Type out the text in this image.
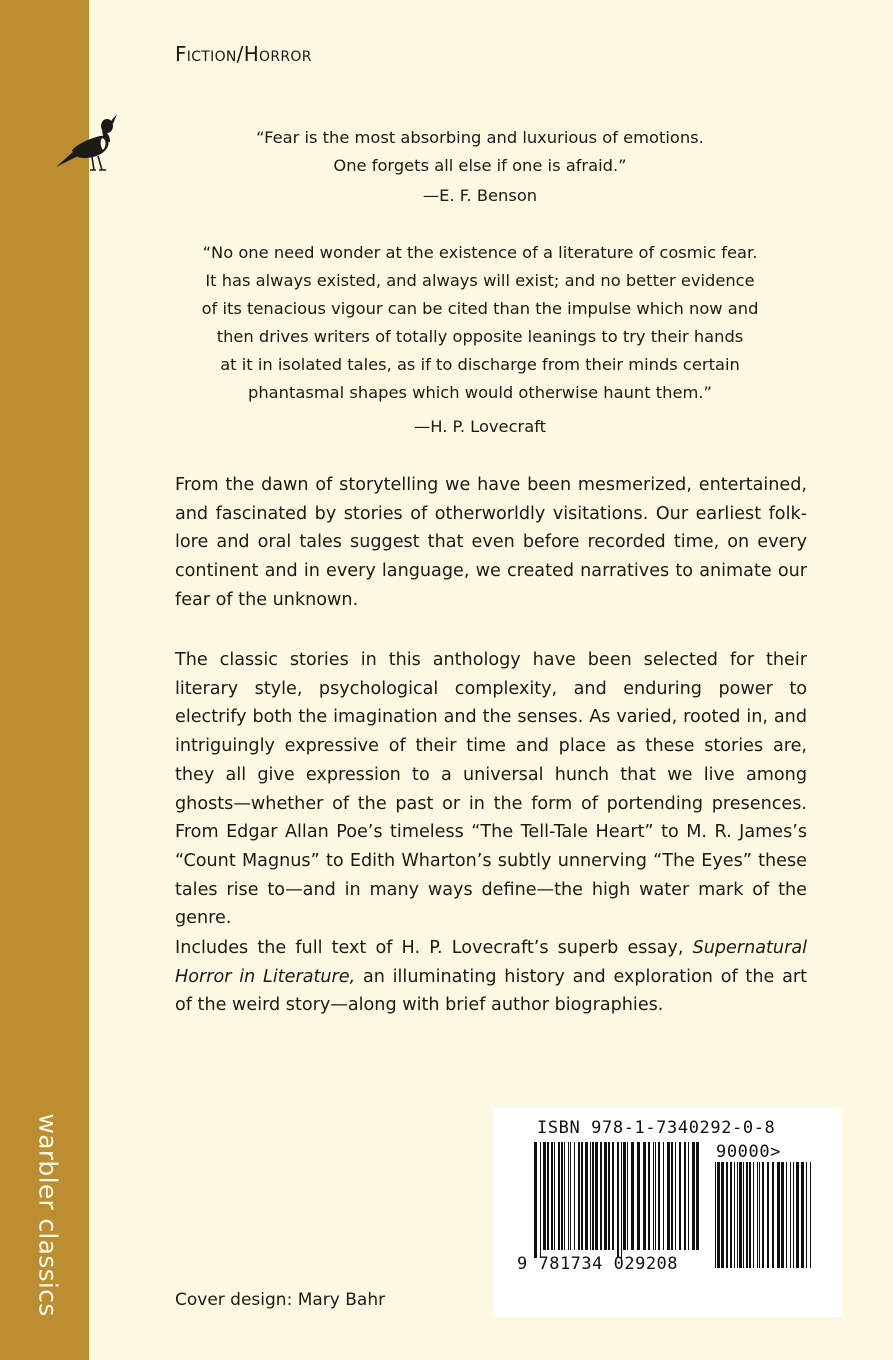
warbler classics
Fiction/Horror

“Fear is the most absorbing and luxurious of emotions.

One forgets all else if one is afraid.”

—E. F. Benson

“No one need wonder at the existence of a literature of cosmic fear.

It has always existed, and always will exist; and no better evidence

of its tenacious vigour can be cited than the impulse which now and

then drives writers of totally opposite leanings to try their hands

at it in isolated tales, as if to discharge from their minds certain

phantasmal shapes which would otherwise haunt them.”

—H. P. Lovecraft

From the dawn of storytelling we have been mesmerized, entertained, and fascinated by stories of otherworldly visitations. Our earliest folk-lore and oral tales suggest that even before recorded time, on every continent and in every language, we created narratives to animate our fear of the unknown.

The classic stories in this anthology have been selected for their literary style, psychological complexity, and enduring power to electrify both the imagination and the senses. As varied, rooted in, and intriguingly expressive of their time and place as these stories are, they all give expression to a universal hunch that we live among ghosts—whether of the past or in the form of portending presences. From Edgar Allan Poe’s timeless “The Tell-Tale Heart” to M. R. James’s “Count Magnus” to Edith Wharton’s subtly unnerving “The Eyes” these tales rise to—and in many ways define—the high water mark of the genre.

Includes the full text of H. P. Lovecraft’s superb essay, Supernatural Horror in Literature, an illuminating history and exploration of the art of the weird story—along with brief author biographies.

Cover design: Mary Bahr
ISBN 978-1-7340292-0-8
90000>
9 781734 029208
